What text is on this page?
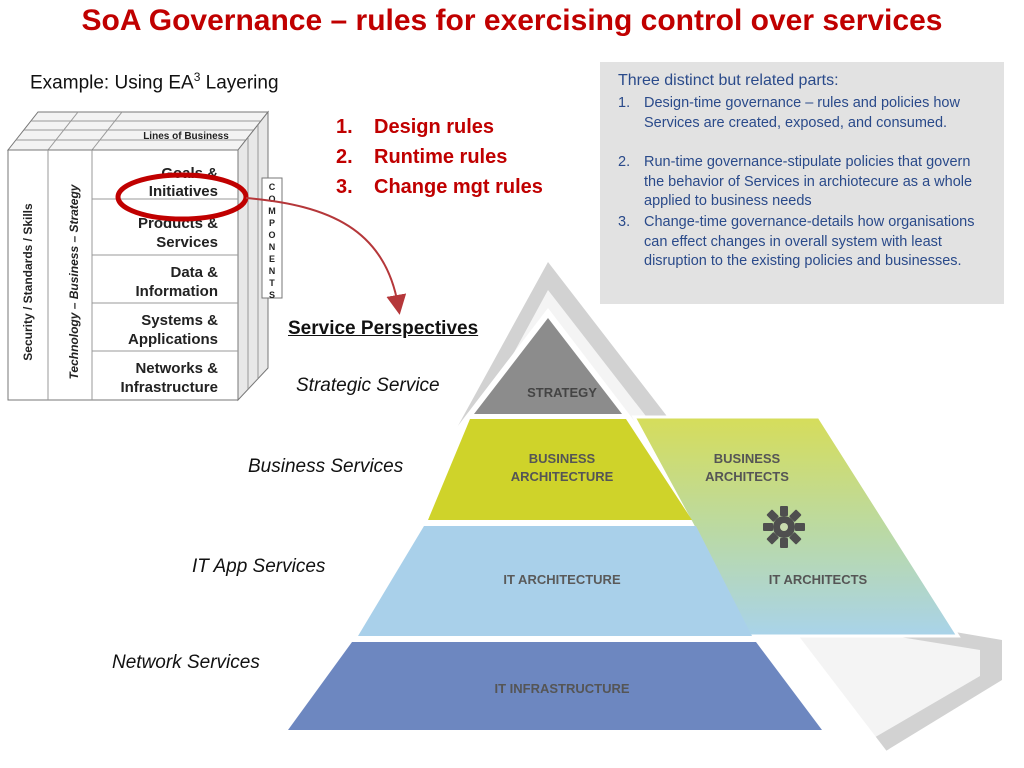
SoA Governance – rules for exercising control over services
Example: Using $EA^3$ Layering
1.	Design rules
2.	Runtime rules
3.	Change mgt rules
Three distinct but related parts:
1. Design-time governance – rules and policies how Services are created, exposed, and consumed.
2. Run-time governance-stipulate policies that govern the behavior of Services in archiotecure as a whole applied to business needs
3. Change-time governance-details how organisations can effect changes in overall system with least disruption to the existing policies and businesses.
Lines of Business
Goals &
Initiatives
Products &
Services
Data &
Information
Systems &
Applications
Networks &
Infrastructure
Security / Standards / Skills	Technology – Business – Strategy	C
O
M
P
O
N
E
N
T
S
STRATEGY
BUSINESS
ARCHITECTURE
IT ARCHITECTURE
IT INFRASTRUCTURE
BUSINESS
ARCHITECTS
IT ARCHITECTS
Service Perspectives
Strategic Service
Business Services
IT App Services
Network Services
